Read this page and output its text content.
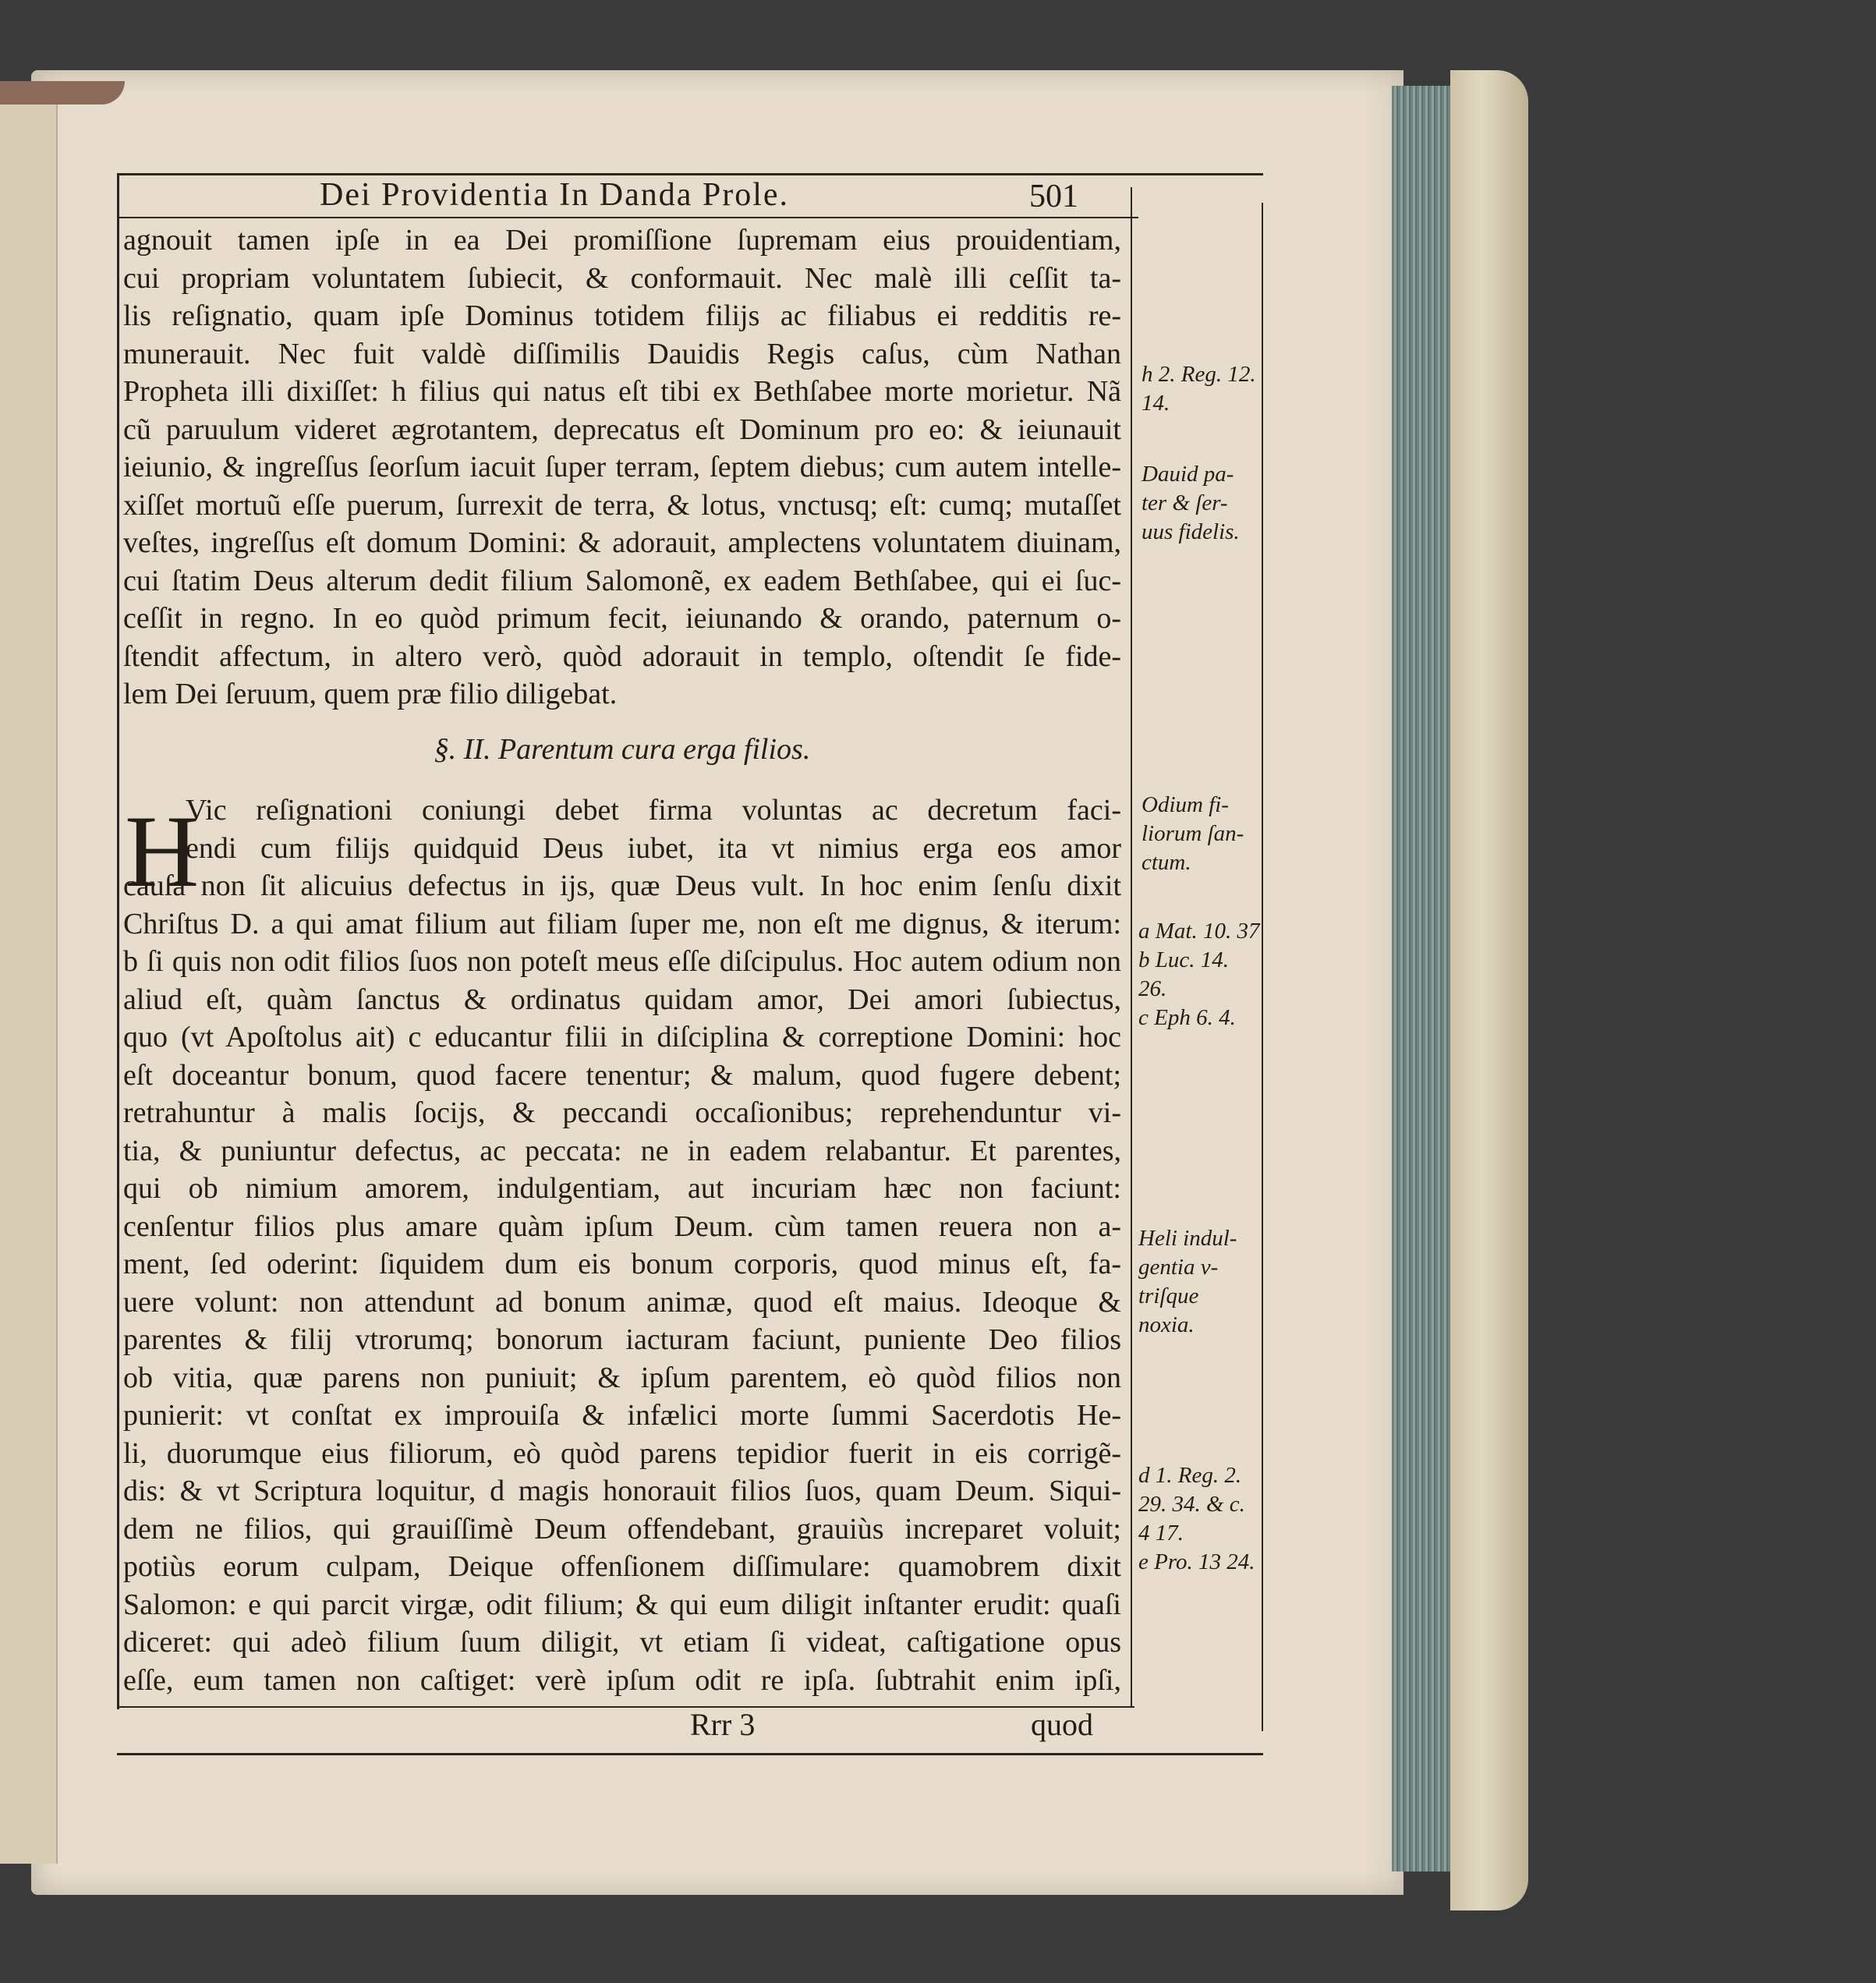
Dei Providentia In Danda Prole.	501
agnouit tamen ipſe in ea Dei promiſſione ſupremam eius prouidentiam,
cui propriam voluntatem ſubiecit, & conformauit. Nec malè illi ceſſit ta-
lis reſignatio, quam ipſe Dominus totidem filijs ac filiabus ei redditis re-
munerauit. Nec fuit valdè diſſimilis Dauidis Regis caſus, cùm Nathan
Propheta illi dixiſſet: h filius qui natus eſt tibi ex Bethſabee morte morietur. Nã
cũ paruulum videret ægrotantem, deprecatus eſt Dominum pro eo: & ieiunauit
ieiunio, & ingreſſus ſeorſum iacuit ſuper terram, ſeptem diebus; cum autem intelle-
xiſſet mortuũ eſſe puerum, ſurrexit de terra, & lotus, vnctusq; eſt: cumq; mutaſſet
veſtes, ingreſſus eſt domum Domini: & adorauit, amplectens voluntatem diuinam,
cui ſtatim Deus alterum dedit filium Salomonẽ, ex eadem Bethſabee, qui ei ſuc-
ceſſit in regno. In eo quòd primum fecit, ieiunando & orando, paternum o-
ſtendit affectum, in altero verò, quòd adorauit in templo, oſtendit ſe fide-
lem Dei ſeruum, quem præ filio diligebat.
§. II. Parentum cura erga filios.
Vic reſignationi coniungi debet firma voluntas ac decretum faci-
endi cum filijs quidquid Deus iubet, ita vt nimius erga eos amor
cauſa non ſit alicuius defectus in ijs, quæ Deus vult. In hoc enim ſenſu dixit
Chriſtus D. a qui amat filium aut filiam ſuper me, non eſt me dignus, & iterum:
b ſi quis non odit filios ſuos non poteſt meus eſſe diſcipulus. Hoc autem odium non
aliud eſt, quàm ſanctus & ordinatus quidam amor, Dei amori ſubiectus,
quo (vt Apoſtolus ait) c educantur filii in diſciplina & correptione Domini: hoc
eſt doceantur bonum, quod facere tenentur; & malum, quod fugere debent;
retrahuntur à malis ſocijs, & peccandi occaſionibus; reprehenduntur vi-
tia, & puniuntur defectus, ac peccata: ne in eadem relabantur. Et parentes,
qui ob nimium amorem, indulgentiam, aut incuriam hæc non faciunt:
cenſentur filios plus amare quàm ipſum Deum. cùm tamen reuera non a-
ment, ſed oderint: ſiquidem dum eis bonum corporis, quod minus eſt, fa-
uere volunt: non attendunt ad bonum animæ, quod eſt maius. Ideoque &
parentes & filij vtrorumq; bonorum iacturam faciunt, puniente Deo filios
ob vitia, quæ parens non puniuit; & ipſum parentem, eò quòd filios non
punierit: vt conſtat ex improuiſa & infælici morte ſummi Sacerdotis He-
li, duorumque eius filiorum, eò quòd parens tepidior fuerit in eis corrigẽ-
dis: & vt Scriptura loquitur, d magis honorauit filios ſuos, quam Deum. Siqui-
dem ne filios, qui grauiſſimè Deum offendebant, grauiùs increparet voluit;
potiùs eorum culpam, Deique offenſionem diſſimulare: quamobrem dixit
Salomon: e qui parcit virgæ, odit filium; & qui eum diligit inſtanter erudit: quaſi
diceret: qui adeò filium ſuum diligit, vt etiam ſi videat, caſtigatione opus
eſſe, eum tamen non caſtiget: verè ipſum odit re ipſa. ſubtrahit enim ipſi,
H
h 2. Reg. 12.
14.
Dauid pa-
ter & ſer-
uus fidelis.
Odium fi-
liorum ſan-
ctum.
a Mat. 10. 37
b Luc. 14.
26.
c Eph 6. 4.
Heli indul-
gentia v-
triſque
noxia.
d 1. Reg. 2.
29. 34. & c.
4 17.
e Pro. 13 24.
Rrr 3	quod
